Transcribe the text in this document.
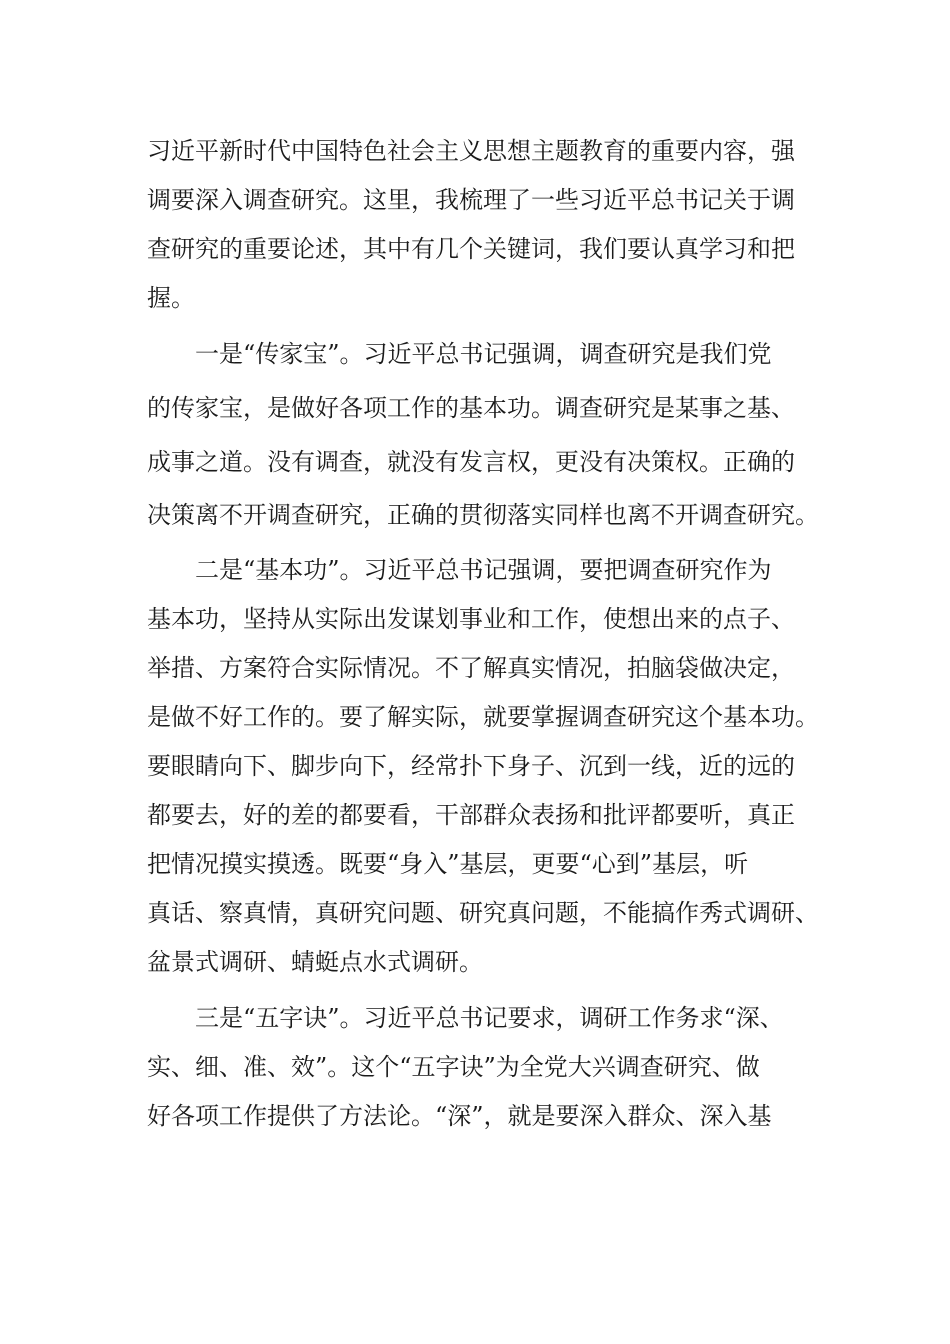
习近平新时代中国特色社会主义思想主题教育的重要内容，强
调要深入调查研究。这里，我梳理了一些习近平总书记关于调
查研究的重要论述，其中有几个关键词，我们要认真学习和把
握。
一是“传家宝”。习近平总书记强调，调查研究是我们党
的传家宝，是做好各项工作的基本功。调查研究是某事之基、
成事之道。没有调查，就没有发言权，更没有决策权。正确的
决策离不开调查研究，正确的贯彻落实同样也离不开调查研究。
二是“基本功”。习近平总书记强调，要把调查研究作为
基本功，坚持从实际出发谋划事业和工作，使想出来的点子、
举措、方案符合实际情况。不了解真实情况，拍脑袋做决定，
是做不好工作的。要了解实际，就要掌握调查研究这个基本功。
要眼睛向下、脚步向下，经常扑下身子、沉到一线，近的远的
都要去，好的差的都要看，干部群众表扬和批评都要听，真正
把情况摸实摸透。既要“身入”基层，更要“心到”基层，听
真话、察真情，真研究问题、研究真问题，不能搞作秀式调研、
盆景式调研、蜻蜓点水式调研。
三是“五字诀”。习近平总书记要求，调研工作务求“深、
实、细、准、效”。这个“五字诀”为全党大兴调查研究、做
好各项工作提供了方法论。“深”，就是要深入群众、深入基
